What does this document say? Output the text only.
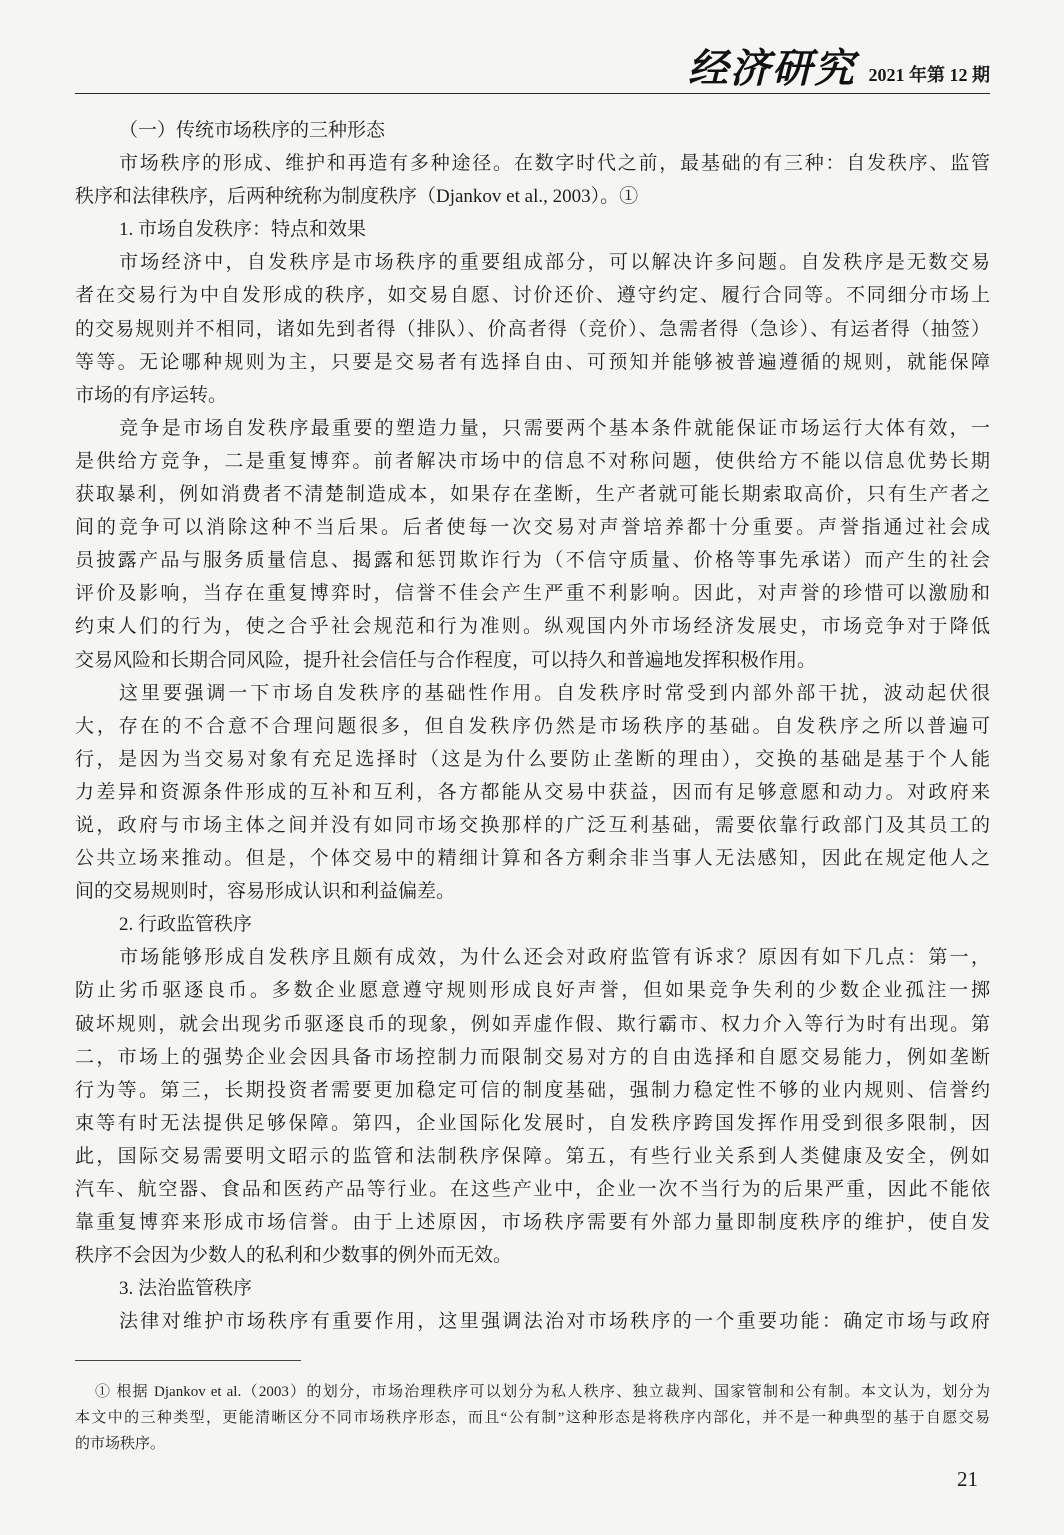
经济研究 2021 年第 12 期
（一）传统市场秩序的三种形态
市场秩序的形成、维护和再造有多种途径。在数字时代之前，最基础的有三种：自发秩序、监管
秩序和法律秩序，后两种统称为制度秩序（Djankov et al., 2003）。①
1. 市场自发秩序：特点和效果
市场经济中，自发秩序是市场秩序的重要组成部分，可以解决许多问题。自发秩序是无数交易
者在交易行为中自发形成的秩序，如交易自愿、讨价还价、遵守约定、履行合同等。不同细分市场上
的交易规则并不相同，诸如先到者得（排队）、价高者得（竞价）、急需者得（急诊）、有运者得（抽签）
等等。无论哪种规则为主，只要是交易者有选择自由、可预知并能够被普遍遵循的规则，就能保障
市场的有序运转。
竞争是市场自发秩序最重要的塑造力量，只需要两个基本条件就能保证市场运行大体有效，一
是供给方竞争，二是重复博弈。前者解决市场中的信息不对称问题，使供给方不能以信息优势长期
获取暴利，例如消费者不清楚制造成本，如果存在垄断，生产者就可能长期索取高价，只有生产者之
间的竞争可以消除这种不当后果。后者使每一次交易对声誉培养都十分重要。声誉指通过社会成
员披露产品与服务质量信息、揭露和惩罚欺诈行为（不信守质量、价格等事先承诺）而产生的社会
评价及影响，当存在重复博弈时，信誉不佳会产生严重不利影响。因此，对声誉的珍惜可以激励和
约束人们的行为，使之合乎社会规范和行为准则。纵观国内外市场经济发展史，市场竞争对于降低
交易风险和长期合同风险，提升社会信任与合作程度，可以持久和普遍地发挥积极作用。
这里要强调一下市场自发秩序的基础性作用。自发秩序时常受到内部外部干扰，波动起伏很
大，存在的不合意不合理问题很多，但自发秩序仍然是市场秩序的基础。自发秩序之所以普遍可
行，是因为当交易对象有充足选择时（这是为什么要防止垄断的理由），交换的基础是基于个人能
力差异和资源条件形成的互补和互利，各方都能从交易中获益，因而有足够意愿和动力。对政府来
说，政府与市场主体之间并没有如同市场交换那样的广泛互利基础，需要依靠行政部门及其员工的
公共立场来推动。但是，个体交易中的精细计算和各方剩余非当事人无法感知，因此在规定他人之
间的交易规则时，容易形成认识和利益偏差。
2. 行政监管秩序
市场能够形成自发秩序且颇有成效，为什么还会对政府监管有诉求？原因有如下几点：第一，
防止劣币驱逐良币。多数企业愿意遵守规则形成良好声誉，但如果竞争失利的少数企业孤注一掷
破坏规则，就会出现劣币驱逐良币的现象，例如弄虚作假、欺行霸市、权力介入等行为时有出现。第
二，市场上的强势企业会因具备市场控制力而限制交易对方的自由选择和自愿交易能力，例如垄断
行为等。第三，长期投资者需要更加稳定可信的制度基础，强制力稳定性不够的业内规则、信誉约
束等有时无法提供足够保障。第四，企业国际化发展时，自发秩序跨国发挥作用受到很多限制，因
此，国际交易需要明文昭示的监管和法制秩序保障。第五，有些行业关系到人类健康及安全，例如
汽车、航空器、食品和医药产品等行业。在这些产业中，企业一次不当行为的后果严重，因此不能依
靠重复博弈来形成市场信誉。由于上述原因，市场秩序需要有外部力量即制度秩序的维护，使自发
秩序不会因为少数人的私利和少数事的例外而无效。
3. 法治监管秩序
法律对维护市场秩序有重要作用，这里强调法治对市场秩序的一个重要功能：确定市场与政府
① 根据 Djankov et al.（2003）的划分，市场治理秩序可以划分为私人秩序、独立裁判、国家管制和公有制。本文认为，划分为
本文中的三种类型，更能清晰区分不同市场秩序形态，而且“公有制”这种形态是将秩序内部化，并不是一种典型的基于自愿交易
的市场秩序。
21
